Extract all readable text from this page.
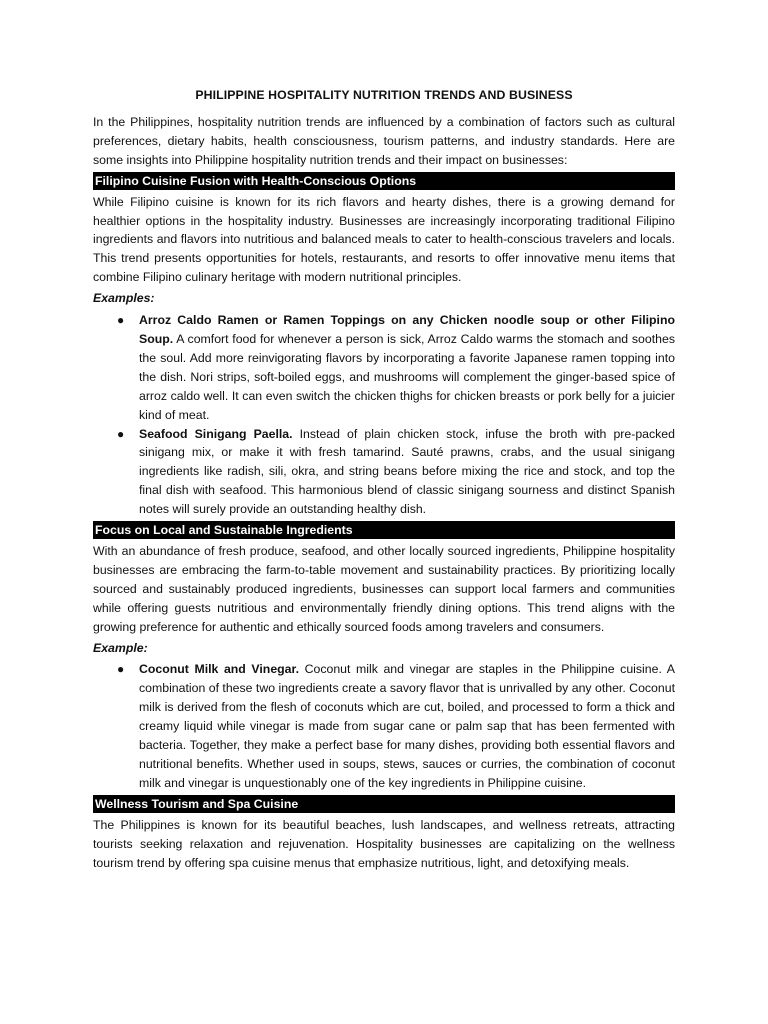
PHILIPPINE HOSPITALITY NUTRITION TRENDS AND BUSINESS

In the Philippines, hospitality nutrition trends are influenced by a combination of factors such as cultural preferences, dietary habits, health consciousness, tourism patterns, and industry standards. Here are some insights into Philippine hospitality nutrition trends and their impact on businesses:

Filipino Cuisine Fusion with Health-Conscious Options

While Filipino cuisine is known for its rich flavors and hearty dishes, there is a growing demand for healthier options in the hospitality industry. Businesses are increasingly incorporating traditional Filipino ingredients and flavors into nutritious and balanced meals to cater to health-conscious travelers and locals. This trend presents opportunities for hotels, restaurants, and resorts to offer innovative menu items that combine Filipino culinary heritage with modern nutritional principles.

Examples:
● Arroz Caldo Ramen or Ramen Toppings on any Chicken noodle soup or other Filipino Soup. A comfort food for whenever a person is sick, Arroz Caldo warms the stomach and soothes the soul. Add more reinvigorating flavors by incorporating a favorite Japanese ramen topping into the dish. Nori strips, soft-boiled eggs, and mushrooms will complement the ginger-based spice of arroz caldo well. It can even switch the chicken thighs for chicken breasts or pork belly for a juicier kind of meat.
● Seafood Sinigang Paella. Instead of plain chicken stock, infuse the broth with pre-packed sinigang mix, or make it with fresh tamarind. Sauté prawns, crabs, and the usual sinigang ingredients like radish, sili, okra, and string beans before mixing the rice and stock, and top the final dish with seafood. This harmonious blend of classic sinigang sourness and distinct Spanish notes will surely provide an outstanding healthy dish.
Focus on Local and Sustainable Ingredients

With an abundance of fresh produce, seafood, and other locally sourced ingredients, Philippine hospitality businesses are embracing the farm-to-table movement and sustainability practices. By prioritizing locally sourced and sustainably produced ingredients, businesses can support local farmers and communities while offering guests nutritious and environmentally friendly dining options. This trend aligns with the growing preference for authentic and ethically sourced foods among travelers and consumers.

Example:
● Coconut Milk and Vinegar. Coconut milk and vinegar are staples in the Philippine cuisine. A combination of these two ingredients create a savory flavor that is unrivalled by any other. Coconut milk is derived from the flesh of coconuts which are cut, boiled, and processed to form a thick and creamy liquid while vinegar is made from sugar cane or palm sap that has been fermented with bacteria. Together, they make a perfect base for many dishes, providing both essential flavors and nutritional benefits. Whether used in soups, stews, sauces or curries, the combination of coconut milk and vinegar is unquestionably one of the key ingredients in Philippine cuisine.
Wellness Tourism and Spa Cuisine

The Philippines is known for its beautiful beaches, lush landscapes, and wellness retreats, attracting tourists seeking relaxation and rejuvenation. Hospitality businesses are capitalizing on the wellness tourism trend by offering spa cuisine menus that emphasize nutritious, light, and detoxifying meals.
